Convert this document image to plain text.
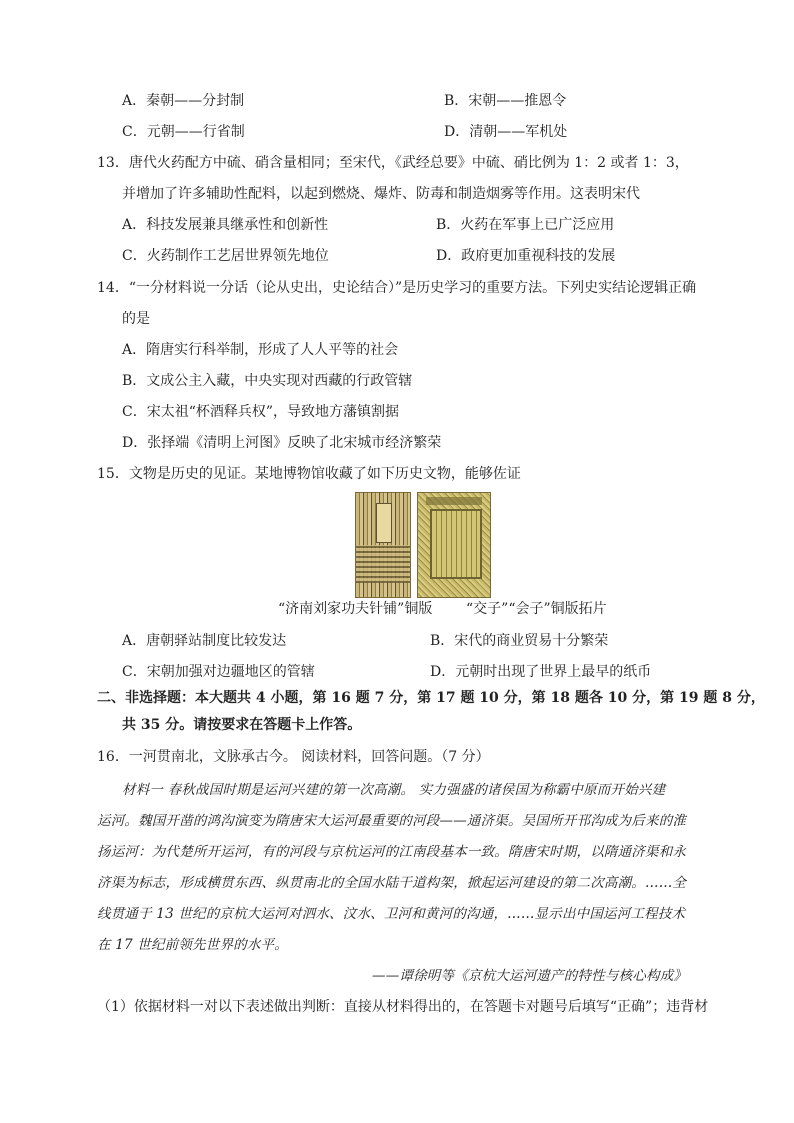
A．秦朝——分封制	B．宋朝——推恩令
C．元朝——行省制	D．清朝——军机处
13．唐代火药配方中硫、硝含量相同；至宋代，《武经总要》中硫、硝比例为 1：2 或者 1：3，
并增加了许多辅助性配料，以起到燃烧、爆炸、防毒和制造烟雾等作用。这表明宋代
A．科技发展兼具继承性和创新性	B．火药在军事上已广泛应用
C．火药制作工艺居世界领先地位	D．政府更加重视科技的发展
14．“一分材料说一分话（论从史出，史论结合）”是历史学习的重要方法。下列史实结论逻辑正确
的是
A．隋唐实行科举制，形成了人人平等的社会
B．文成公主入藏，中央实现对西藏的行政管辖
C．宋太祖“杯酒释兵权”，导致地方藩镇割据
D．张择端《清明上河图》反映了北宋城市经济繁荣
15．文物是历史的见证。某地博物馆收藏了如下历史文物，能够佐证
“济南刘家功夫针铺”铜版 “交子”“会子”铜版拓片
A．唐朝驿站制度比较发达	B．宋代的商业贸易十分繁荣
C．宋朝加强对边疆地区的管辖	D．元朝时出现了世界上最早的纸币
二、非选择题：本大题共 4 小题，第 16 题 7 分，第 17 题 10 分，第 18 题各 10 分，第 19 题 8 分，
共 35 分。请按要求在答题卡上作答。
16．一河贯南北，文脉承古今。 阅读材料，回答问题。（7 分）
材料一 春秋战国时期是运河兴建的第一次高潮。 实力强盛的诸侯国为称霸中原而开始兴建
运河。魏国开凿的鸿沟演变为隋唐宋大运河最重要的河段——通济渠。吴国所开邗沟成为后来的淮
扬运河：为代楚所开运河，有的河段与京杭运河的江南段基本一致。隋唐宋时期，以隋通济渠和永
济渠为标志，形成横贯东西、纵贯南北的全国水陆干道构架，掀起运河建设的第二次高潮。……全
线贯通于 13 世纪的京杭大运河对泗水、汶水、卫河和黄河的沟通，……显示出中国运河工程技术
在 17 世纪前领先世界的水平。
——谭徐明等《京杭大运河遗产的特性与核心构成》
（1）依据材料一对以下表述做出判断：直接从材料得出的，在答题卡对题号后填写“正确”；违背材
